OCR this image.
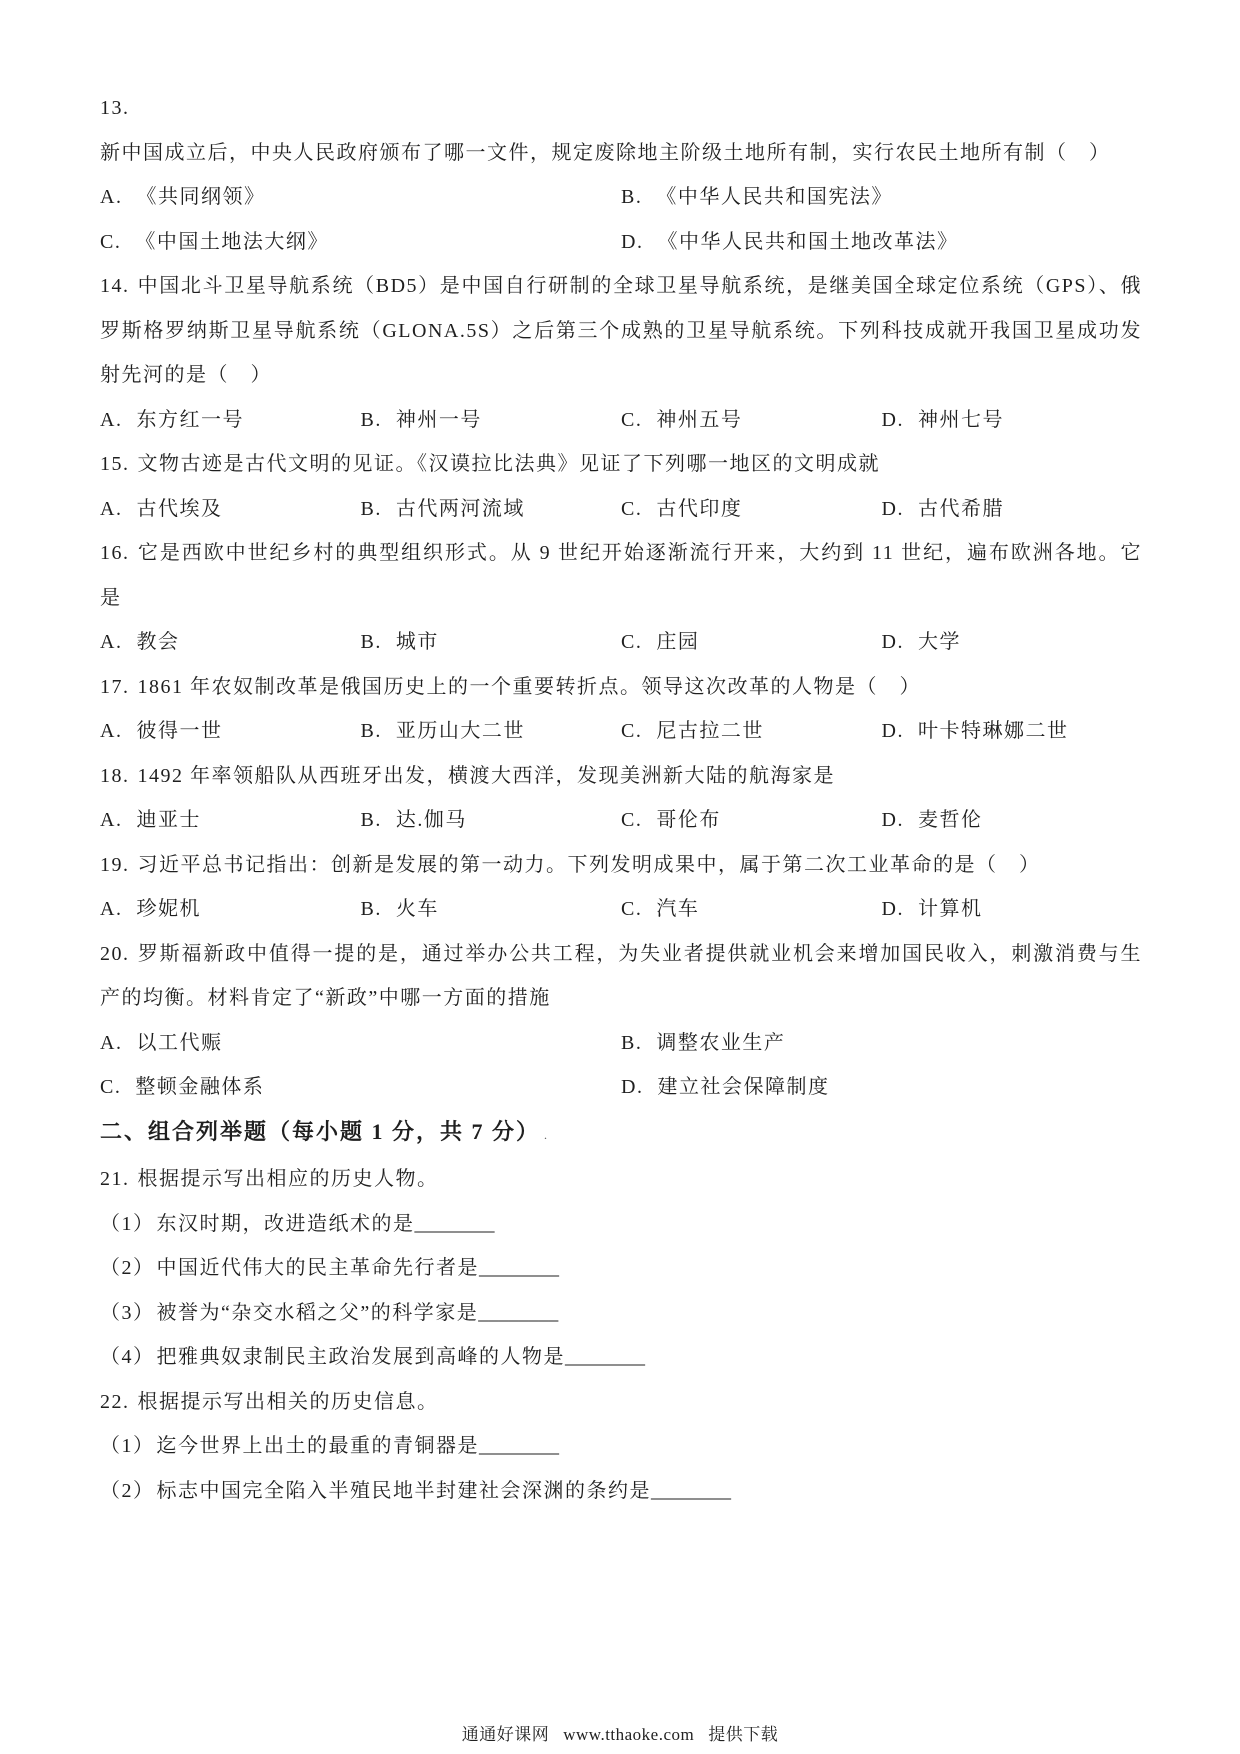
13.新中国成立后，中央人民政府颁布了哪一文件，规定废除地主阶级土地所有制，实行农民土地所有制（　）

A. 《共同纲领》	B. 《中华人民共和国宪法》
C. 《中国土地法大纲》	D. 《中华人民共和国土地改革法》

14. 中国北斗卫星导航系统（BD5）是中国自行研制的全球卫星导航系统，是继美国全球定位系统（GPS）、俄罗斯格罗纳斯卫星导航系统（GLONA.5S）之后第三个成熟的卫星导航系统。下列科技成就开我国卫星成功发射先河的是（　）

A. 东方红一号	B. 神州一号	C. 神州五号	D. 神州七号

15. 文物古迹是古代文明的见证。《汉谟拉比法典》见证了下列哪一地区的文明成就

A. 古代埃及	B. 古代两河流域	C. 古代印度	D. 古代希腊

16. 它是西欧中世纪乡村的典型组织形式。从 9 世纪开始逐渐流行开来，大约到 11 世纪，遍布欧洲各地。它是

A. 教会	B. 城市	C. 庄园	D. 大学

17. 1861 年农奴制改革是俄国历史上的一个重要转折点。领导这次改革的人物是（　）

A. 彼得一世	B. 亚历山大二世	C. 尼古拉二世	D. 叶卡特琳娜二世

18. 1492 年率领船队从西班牙出发，横渡大西洋，发现美洲新大陆的航海家是

A. 迪亚士	B. 达.伽马	C. 哥伦布	D. 麦哲伦

19. 习近平总书记指出：创新是发展的第一动力。下列发明成果中，属于第二次工业革命的是（　）

A. 珍妮机	B. 火车	C. 汽车	D. 计算机

20. 罗斯福新政中值得一提的是，通过举办公共工程，为失业者提供就业机会来增加国民收入，刺激消费与生产的均衡。材料肯定了“新政”中哪一方面的措施

A. 以工代赈	B. 调整农业生产
C. 整顿金融体系	D. 建立社会保障制度
二、组合列举题（每小题 1 分，共 7 分） .

21. 根据提示写出相应的历史人物。

（1） 东汉时期，改进造纸术的是________

（2） 中国近代伟大的民主革命先行者是________

（3） 被誉为“杂交水稻之父”的科学家是________

（4） 把雅典奴隶制民主政治发展到高峰的人物是________

22. 根据提示写出相关的历史信息。

（1） 迄今世界上出土的最重的青铜器是________

（2） 标志中国完全陷入半殖民地半封建社会深渊的条约是________

通通好课网 www.tthaoke.com 提供下载
